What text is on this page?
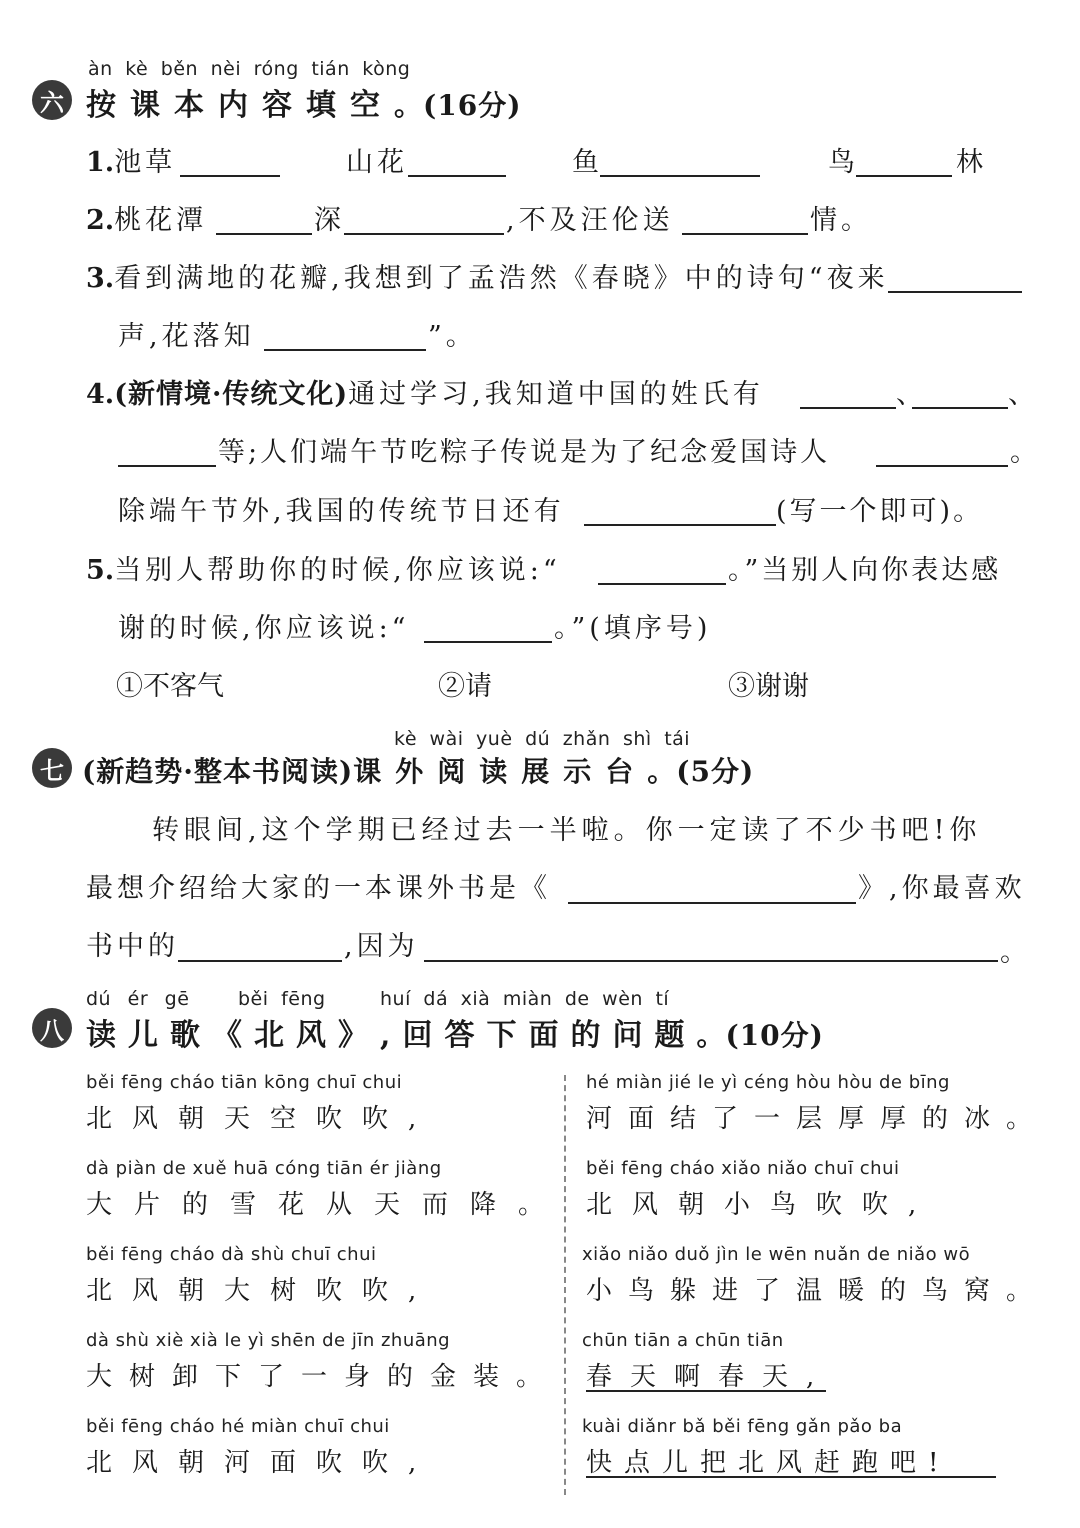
àn kè běn nèi róng tián kòng
六 按课本内容填空。(16分)
1.池草	山花	鱼	鸟	林
2.桃花潭	深	,不及汪伦送	情。
3.看到满地的花瓣,我想到了孟浩然《春晓》中的诗句“夜来
声,花落知	”。
4.(新情境·传统文化)通过学习,我知道中国的姓氏有	、	、
等;人们端午节吃粽子传说是为了纪念爱国诗人	。
除端午节外,我国的传统节日还有	(写一个即可)。
5.当别人帮助你的时候,你应该说:“	。”当别人向你表达感
谢的时候,你应该说:“	。”(填序号)
①不客气	②请	③谢谢
kè wài yuè dú zhǎn shì tái
七 (新趋势·整本书阅读)课外阅读展示台。(5分)
转眼间,这个学期已经过去一半啦。你一定读了不少书吧!你
最想介绍给大家的一本课外书是《	》,你最喜欢
书中的	,因为	。
dú ér gē	běi fēng	huí dá xià miàn de wèn tí
八 读儿歌《北风》,回答下面的问题。(10分)
běi fēng cháo tiān kōng chuī chui
北风朝天空吹吹,
dà piàn de xuě huā cóng tiān ér jiàng
大片的雪花从天而降。
běi fēng cháo dà shù chuī chui
北风朝大树吹吹,
dà shù xiè xià le yì shēn de jīn zhuāng
大树卸下了一身的金装。
běi fēng cháo hé miàn chuī chui
北风朝河面吹吹,
hé miàn jié le yì céng hòu hòu de bīng
河面结了一层厚厚的冰。
běi fēng cháo xiǎo niǎo chuī chui
北风朝小鸟吹吹,
xiǎo niǎo duǒ jìn le wēn nuǎn de niǎo wō
小鸟躲进了温暖的鸟窝。
chūn tiān a chūn tiān
春天啊春天,
kuài diǎnr bǎ běi fēng gǎn pǎo ba
快点儿把北风赶跑吧!
